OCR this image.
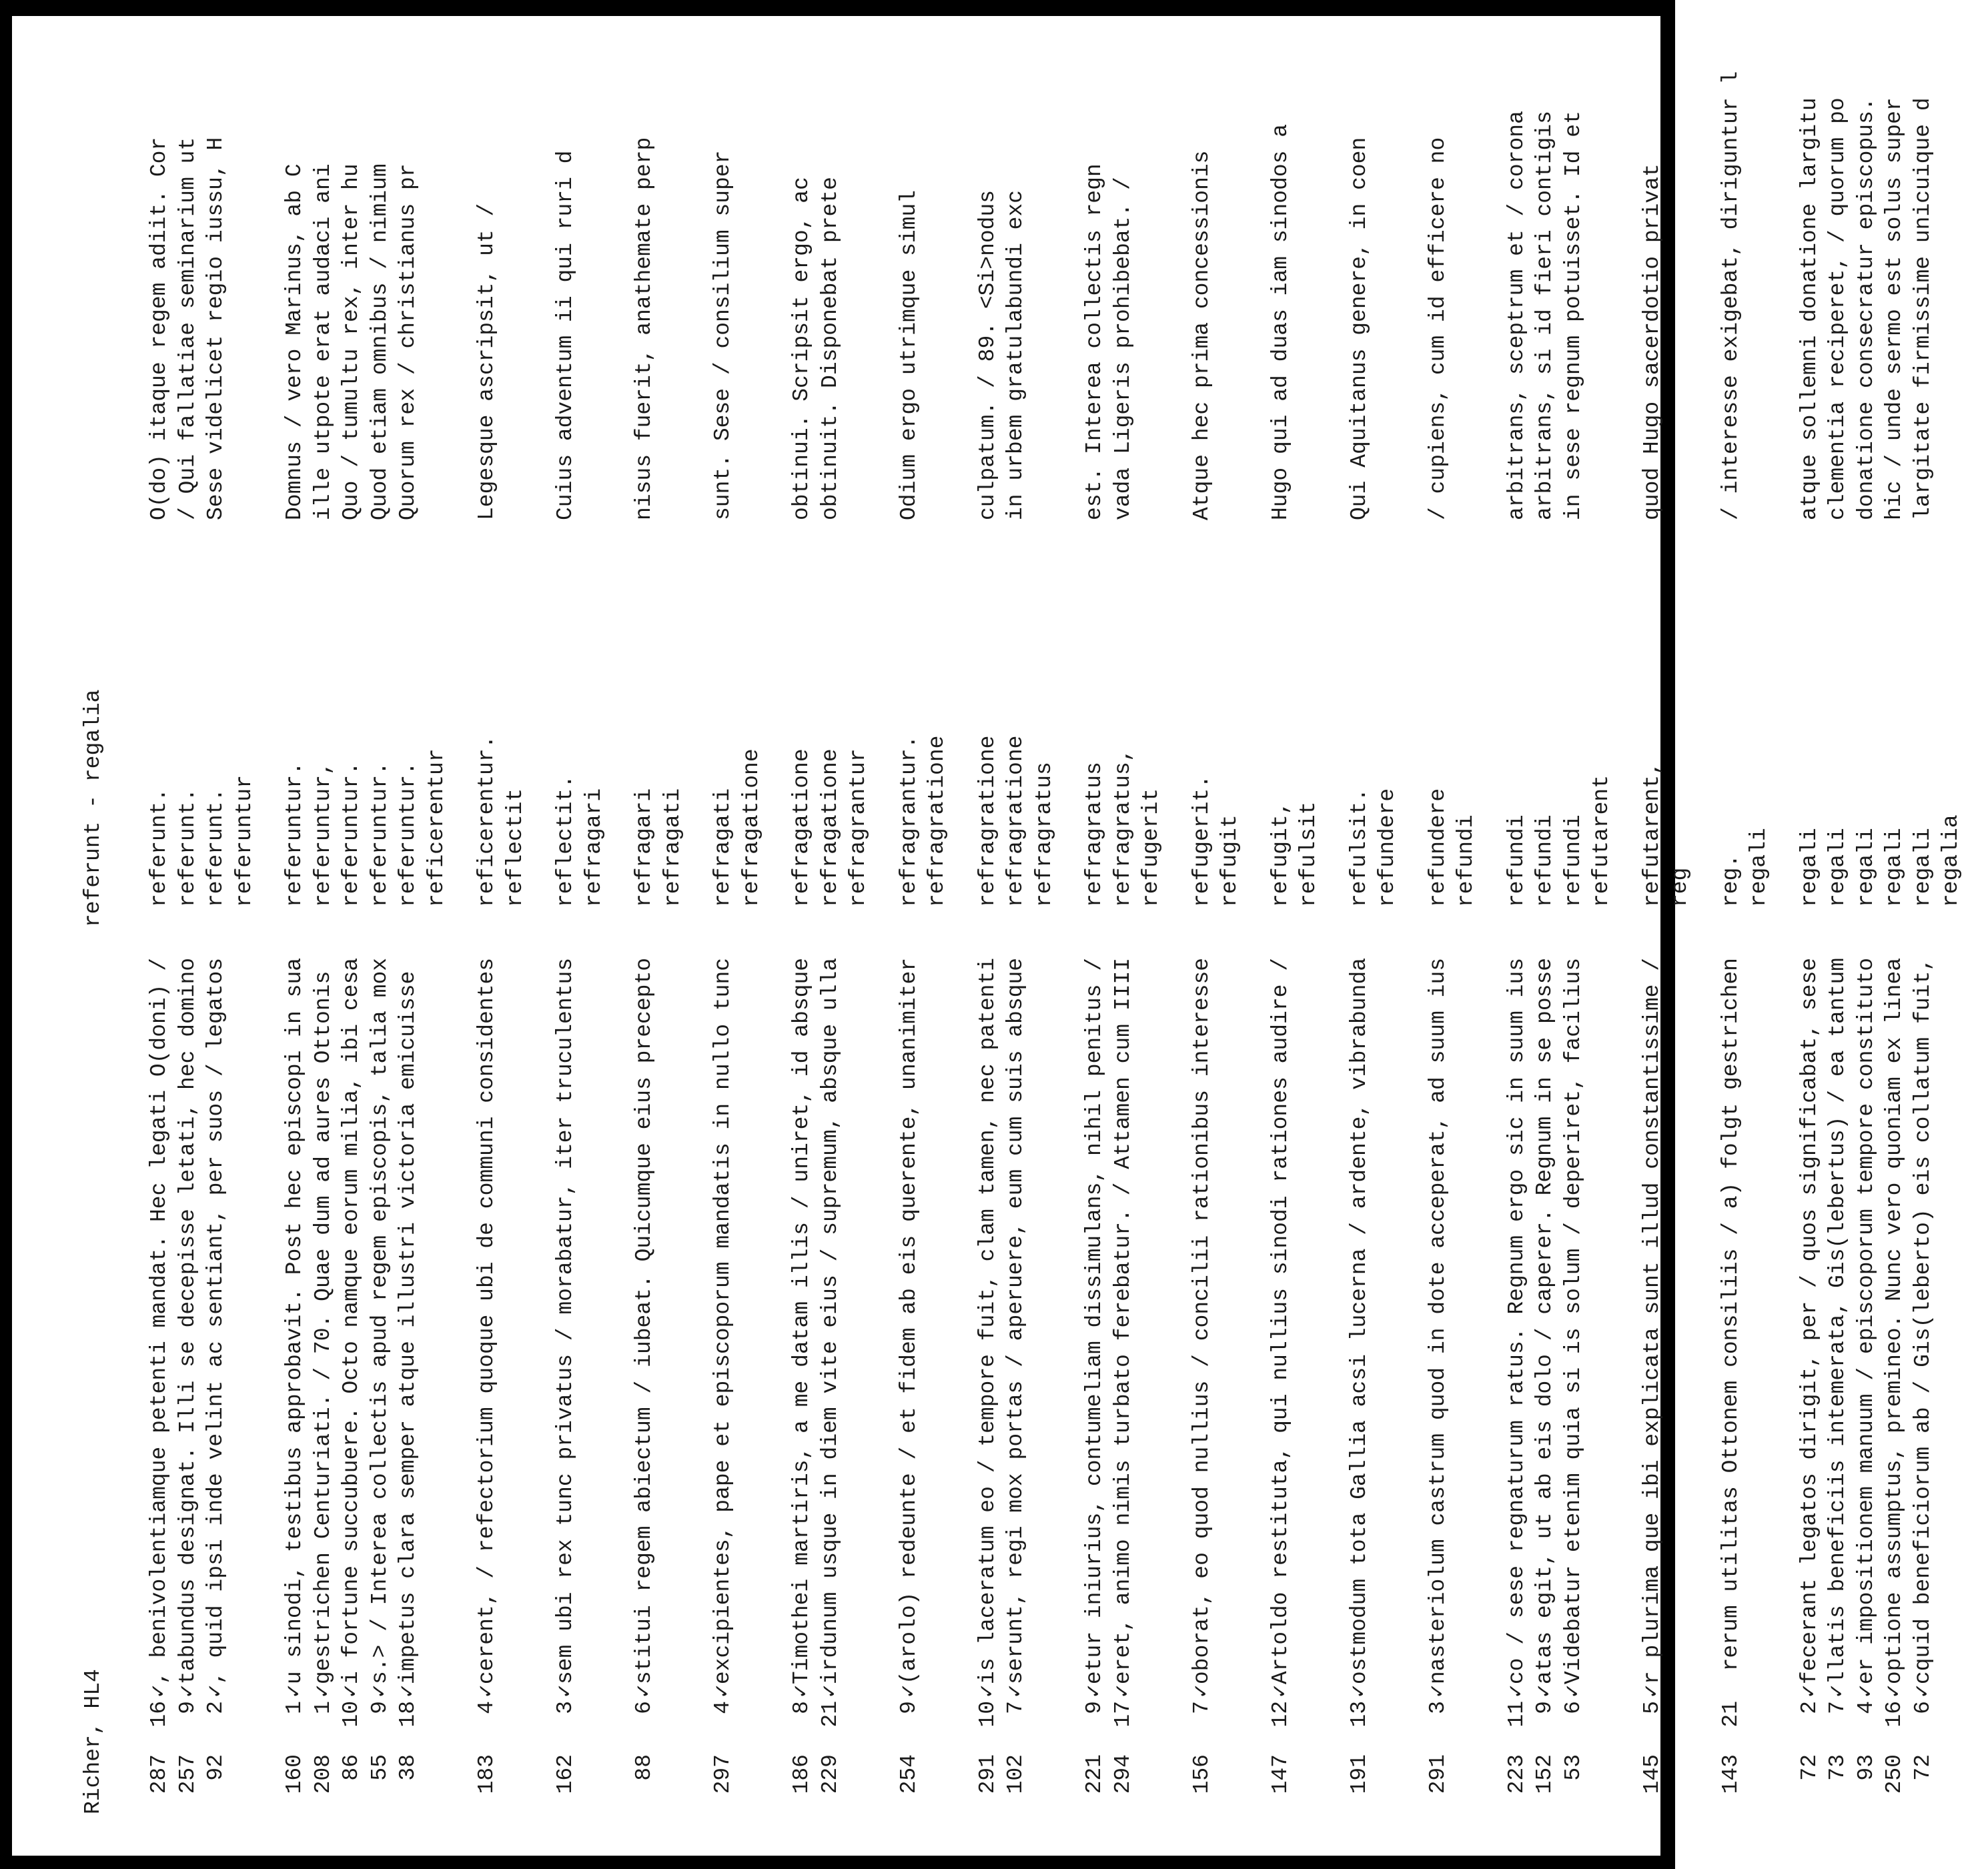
Richer, HL4

referunt - regalia

287
16
✓, benivolentiamque petenti mandat. Hec legati O(doni) /
referunt.
O(do) itaque regem adiit. Cor
257
9
✓tabundus designat. Illi se decepisse letati, hec domino
referunt.
/ Qui fallatiae seminarium ut
92
2
✓, quid ipsi inde velint ac sentiant, per suos / legatos
referunt.
Sese videlicet regio iussu, H
referuntur
160
1
✓u sinodi, testibus approbavit. Post hec episcopi in sua
referuntur.
Domnus / vero Marinus, ab C
208
1
✓gestrichen Centuriati. / 70. Quae dum ad aures Ottonis
referuntur,
ille utpote erat audaci ani
86
10
✓i fortune succubuere. Octo namque eorum milia, ibi cesa
referuntur.
Quo / tumultu rex, inter hu
55
9
✓s.> / Interea collectis apud regem episcopis, talia mox
referuntur.
Quod etiam omnibus / nimium
38
18
✓impetus clara semper atque illustri victoria emicuisse
referuntur.
Quorum rex / christianus pr
reficerentur
183
4
✓cerent, / refectorium quoque ubi de communi considentes
reficerentur.
Legesque ascripsit, ut /
reflectit
162
3
✓sem ubi rex tunc privatus / morabatur, iter truculentus
reflectit.
Cuius adventum ii qui ruri d
refragari
88
6
✓stitui regem abiectum / iubeat. Quicumque eius precepto
refragari
nisus fuerit, anathemate perp
refragati
297
4
✓excipientes, pape et episcoporum mandatis in nullo tunc
refragati
sunt. Sese / consilium super
refragatione
186
8
✓Timothei martiris, a me datam illis / uniret, id absque
refragatione
obtinui. Scripsit ergo, ac
229
21
✓irdunum usque in diem vite eius / supremum, absque ulla
refragatione
obtinuit. Disponebat prete
refragrantur
254
9
✓(arolo) redeunte / et fidem ab eis querente, unanimiter
refragrantur.
Odium ergo utrimque simul
refragratione
291
10
✓is laceratum eo / tempore fuit, clam tamen, nec patenti
refragratione
culpatum. / 89. <Si>nodus
102
7
✓serunt, regi mox portas / aperuere, eum cum suis absque
refragratione
in urbem gratulabundi exc
refragratus
221
9
✓etur iniurius, contumeliam dissimulans, nihil penitus /
refragratus
est. Interea collectis regn
294
17
✓eret, animo nimis turbato ferebatur. / Attamen cum IIII
refragratus,
vada Ligeris prohibebat. /
refugerit
156
7
✓oborat, eo quod nullius / concilii rationibus interesse
refugerit.
Atque hec prima concessionis
refugit
147
12
✓Artoldo restituta, qui nullius sinodi rationes audire /
refugit,
Hugo qui ad duas iam sinodos a
refulsit
191
13
✓ostmodum tota Gallia acsi lucerna / ardente, vibrabunda
refulsit.
Qui Aquitanus genere, in coen
refundere
291
3
✓nasteriolum castrum quod in dote acceperat, ad suum ius
refundere
/ cupiens, cum id efficere no
refundi
223
11
✓co / sese regnaturum ratus. Regnum ergo sic in suum ius
refundi
arbitrans, sceptrum et / corona
152
9
✓atas egit, ut ab eis dolo / caperer. Regnum in se posse
refundi
arbitrans, si id fieri contigis
53
6
✓Videbatur etenim quia si is solum / deperiret, facilius
refundi
in sese regnum potuisset. Id et
refutarent
145
5
✓r plurima que ibi explicata sunt illud constantissime /
refutarent,
quod Hugo sacerdotio privat
reg
143
21
rerum utilitas Ottonem consiliis / a) folgt gestrichen
reg.
/ interesse exigebat, diriguntur l
regali
72
2
✓fecerant legatos dirigit, per / quos significabat, sese
regali
atque sollemni donatione largitu
73
7
✓llatis beneficiis intemerata, Gis(lebertus) / ea tantum
regali
clementia reciperet, / quorum po
93
4
✓er impositionem manuum / episcoporum tempore constituto
regali
donatione consecratur episcopus.
250
16
✓optione assumptus, premineo. Nunc vero quoniam ex linea
regali
hic / unde sermo est solus super
72
6
✓cquid beneficiorum ab / Gis(leberto) eis collatum fuit,
regali
largitate firmissime unicuique d
regalia
